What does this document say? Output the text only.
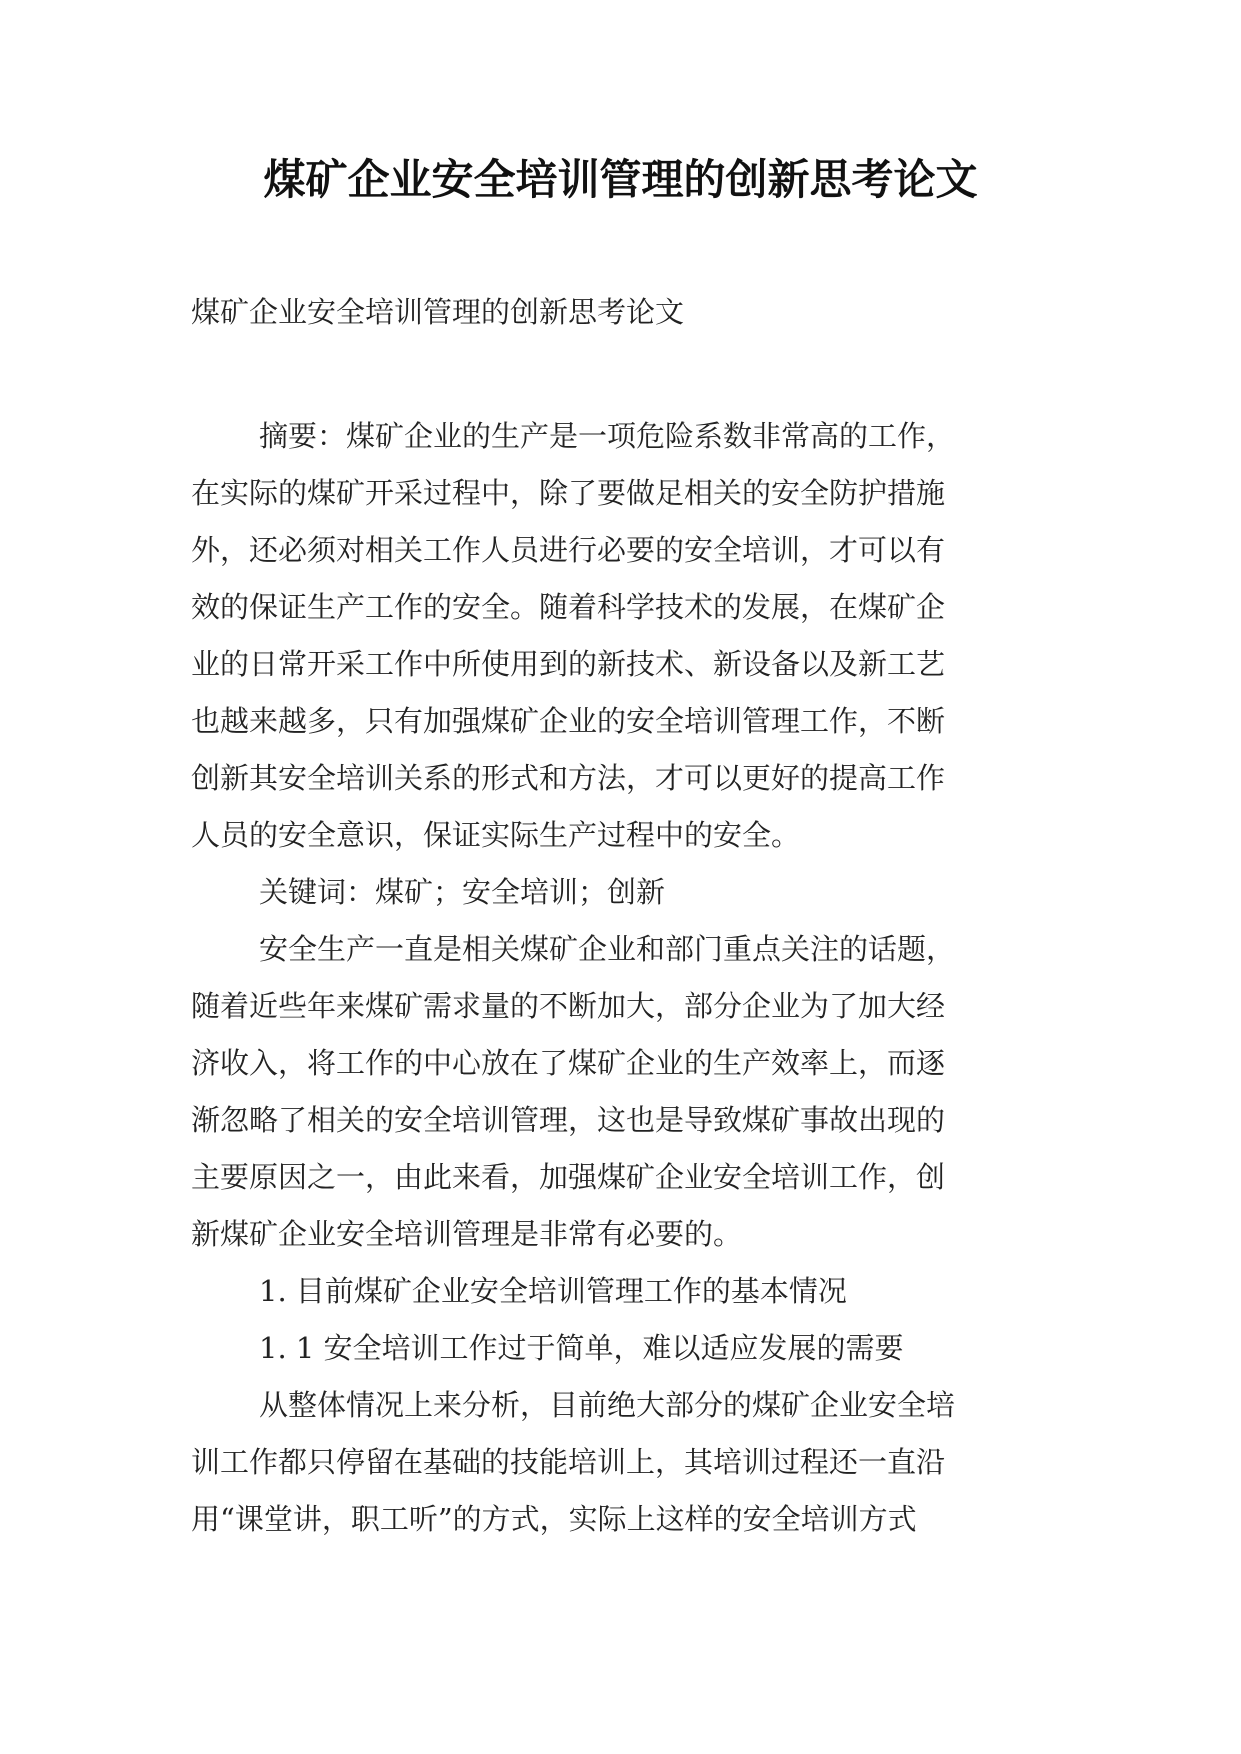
煤矿企业安全培训管理的创新思考论文
煤矿企业安全培训管理的创新思考论文
摘要：煤矿企业的生产是一项危险系数非常高的工作，
在实际的煤矿开采过程中，除了要做足相关的安全防护措施
外，还必须对相关工作人员进行必要的安全培训，才可以有
效的保证生产工作的安全。随着科学技术的发展，在煤矿企
业的日常开采工作中所使用到的新技术、新设备以及新工艺
也越来越多，只有加强煤矿企业的安全培训管理工作，不断
创新其安全培训关系的形式和方法，才可以更好的提高工作
人员的安全意识，保证实际生产过程中的安全。
关键词：煤矿；安全培训；创新
安全生产一直是相关煤矿企业和部门重点关注的话题，
随着近些年来煤矿需求量的不断加大，部分企业为了加大经
济收入，将工作的中心放在了煤矿企业的生产效率上，而逐
渐忽略了相关的安全培训管理，这也是导致煤矿事故出现的
主要原因之一，由此来看，加强煤矿企业安全培训工作，创
新煤矿企业安全培训管理是非常有必要的。
1. 目前煤矿企业安全培训管理工作的基本情况
1. 1 安全培训工作过于简单，难以适应发展的需要
从整体情况上来分析，目前绝大部分的煤矿企业安全培
训工作都只停留在基础的技能培训上，其培训过程还一直沿
用“课堂讲，职工听”的方式，实际上这样的安全培训方式
